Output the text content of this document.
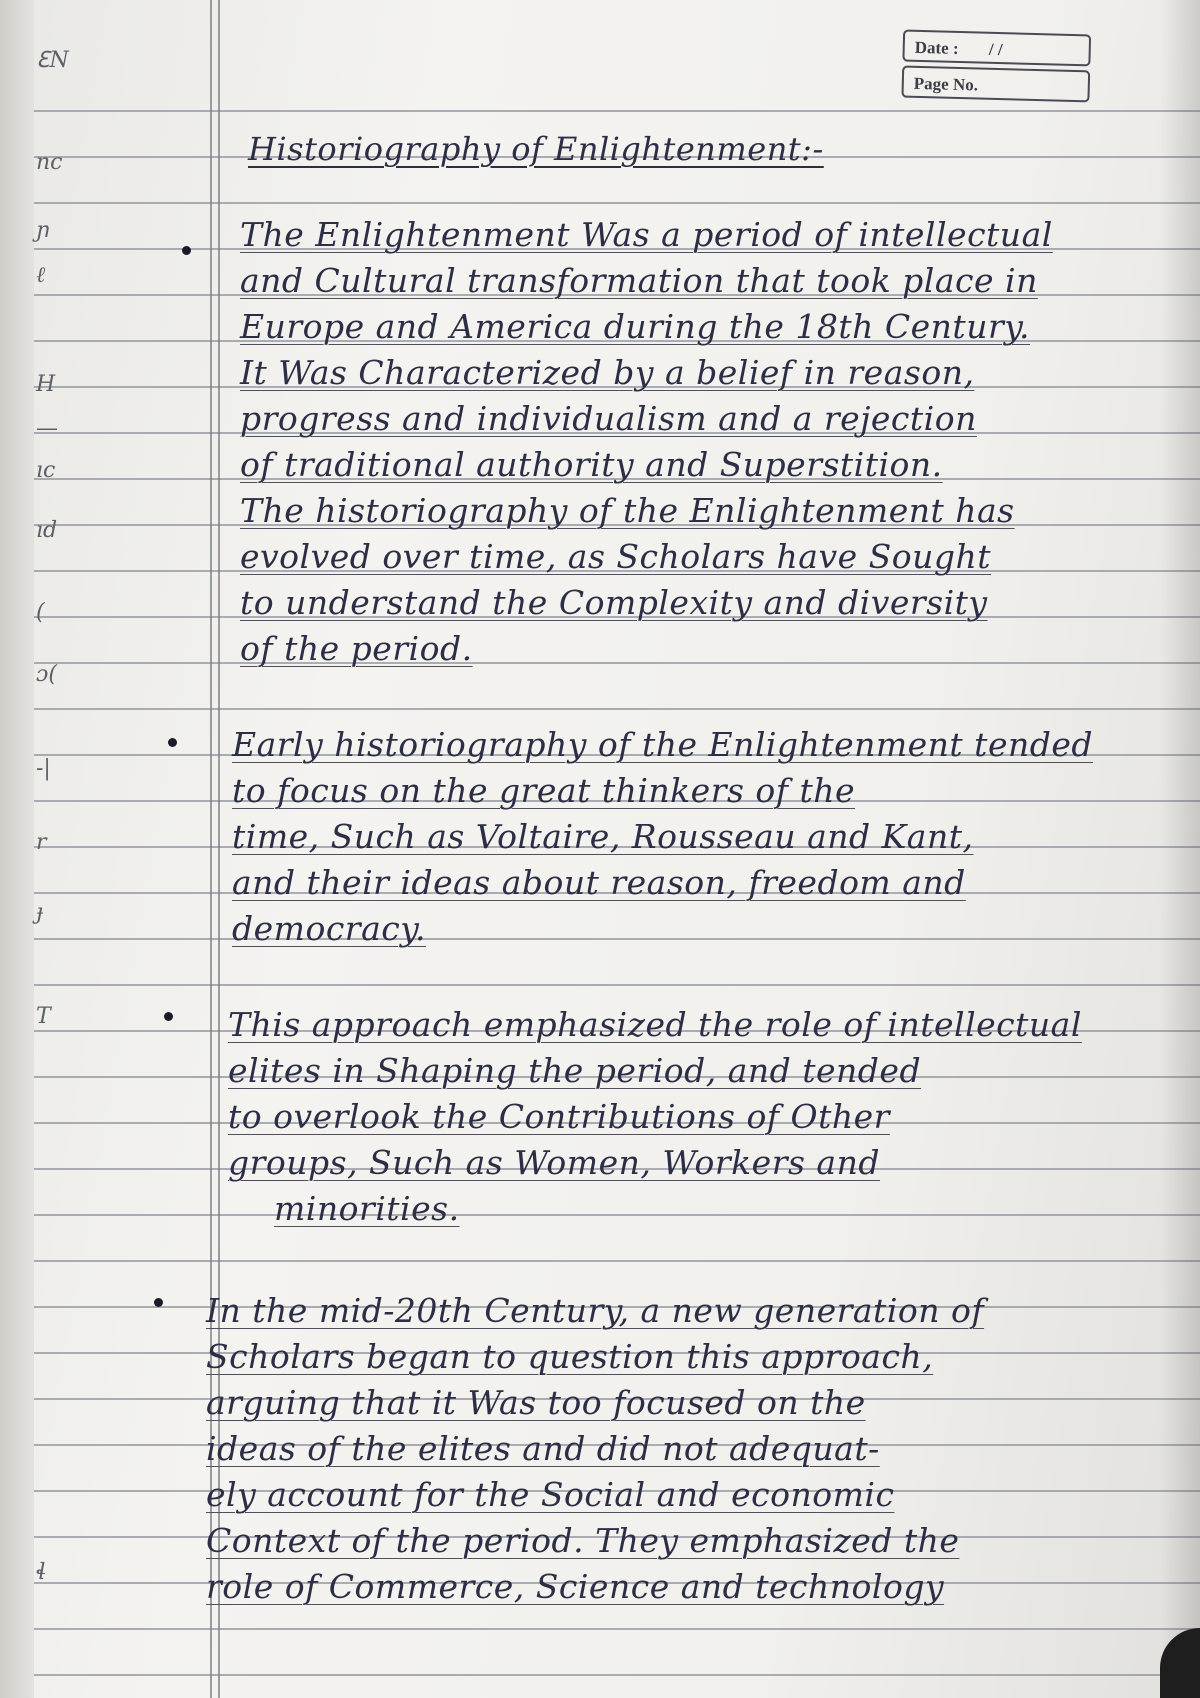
ℇN
nc
ɲ
ℓ
H
—
ıc
ıd
(
ɔ(
-|
r
ɟ
T
ɬ
Date : / /
Page No.
Historiography of Enlightenment:-
The Enlightenment Was a period of intellectual
and Cultural transformation that took place in
Europe and America during the 18th Century.
It Was Characterized by a belief in reason,
progress and individualism and a rejection
of traditional authority and Superstition.
The historiography of the Enlightenment has
evolved over time, as Scholars have Sought
to understand the Complexity and diversity
of the period.
Early historiography of the Enlightenment tended
to focus on the great thinkers of the
time, Such as Voltaire, Rousseau and Kant,
and their ideas about reason, freedom and
democracy.
This approach emphasized the role of intellectual
elites in Shaping the period, and tended
to overlook the Contributions of Other
groups, Such as Women, Workers and
minorities.
In the mid-20th Century, a new generation of
Scholars began to question this approach,
arguing that it Was too focused on the
ideas of the elites and did not adequat-
ely account for the Social and economic
Context of the period. They emphasized the
role of Commerce, Science and technology
